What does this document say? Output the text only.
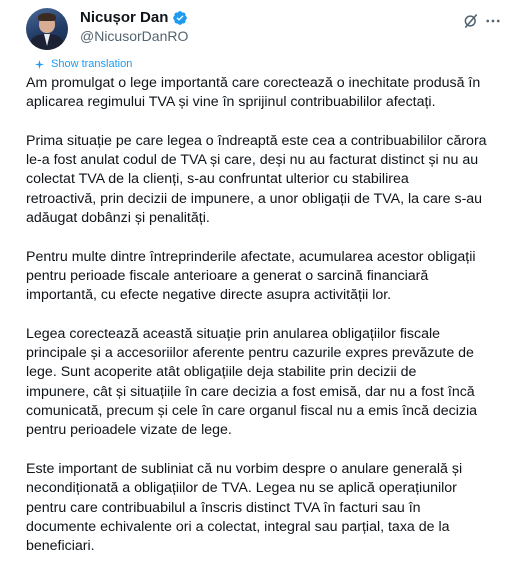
Nicușor Dan
@NicusorDanRO
Show translation

Am promulgat o lege importantă care corectează o inechitate produsă în
aplicarea regimului TVA și vine în sprijinul contribuabililor afectați.

Prima situație pe care legea o îndreaptă este cea a contribuabililor cărora
le-a fost anulat codul de TVA și care, deși nu au facturat distinct și nu au
colectat TVA de la clienți, s-au confruntat ulterior cu stabilirea
retroactivă, prin decizii de impunere, a unor obligații de TVA, la care s-au
adăugat dobânzi și penalități.

Pentru multe dintre întreprinderile afectate, acumularea acestor obligații
pentru perioade fiscale anterioare a generat o sarcină financiară
importantă, cu efecte negative directe asupra activității lor.

Legea corectează această situație prin anularea obligațiilor fiscale
principale și a accesoriilor aferente pentru cazurile expres prevăzute de
lege. Sunt acoperite atât obligațiile deja stabilite prin decizii de
impunere, cât și situațiile în care decizia a fost emisă, dar nu a fost încă
comunicată, precum și cele în care organul fiscal nu a emis încă decizia
pentru perioadele vizate de lege.

Este important de subliniat că nu vorbim despre o anulare generală și
necondiționată a obligațiilor de TVA. Legea nu se aplică operațiunilor
pentru care contribuabilul a înscris distinct TVA în facturi sau în
documente echivalente ori a colectat, integral sau parțial, taxa de la
beneficiari.
